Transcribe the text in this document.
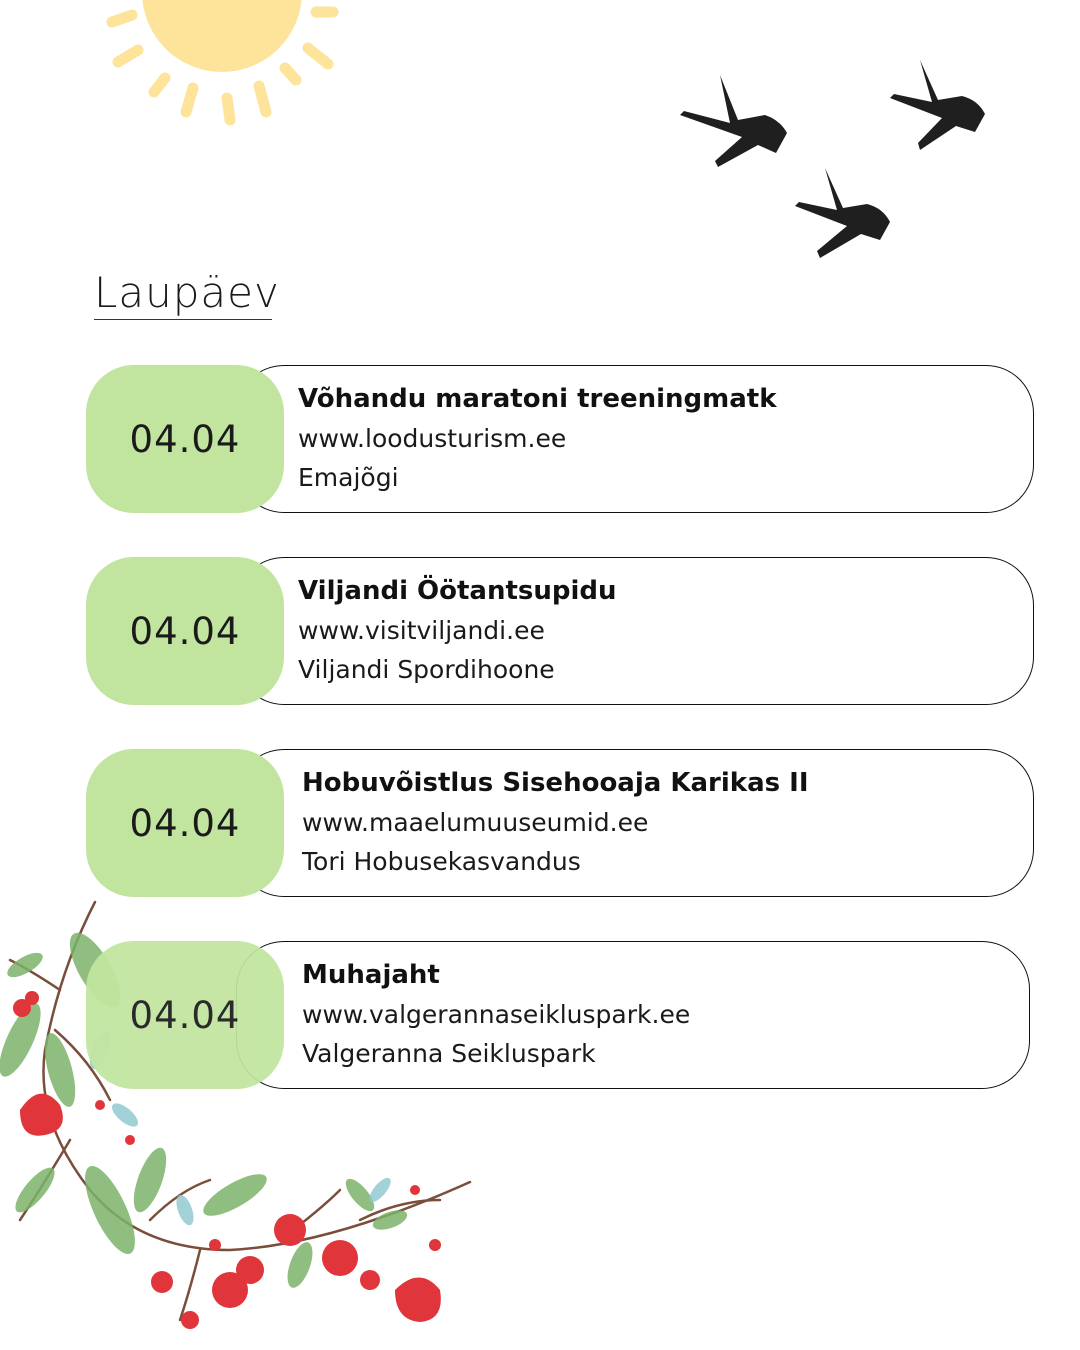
Laupäev
04.04
Võhandu maratoni treeningmatk
www.loodusturism.ee
Emajõgi
04.04
Viljandi Öötantsupidu
www.visitviljandi.ee
Viljandi Spordihoone
04.04
Hobuvõistlus Sisehooaja Karikas II
www.maaelumuuseumid.ee
Tori Hobusekasvandus
04.04
Muhajaht
www.valgerannaseikluspark.ee
Valgeranna Seikluspark
